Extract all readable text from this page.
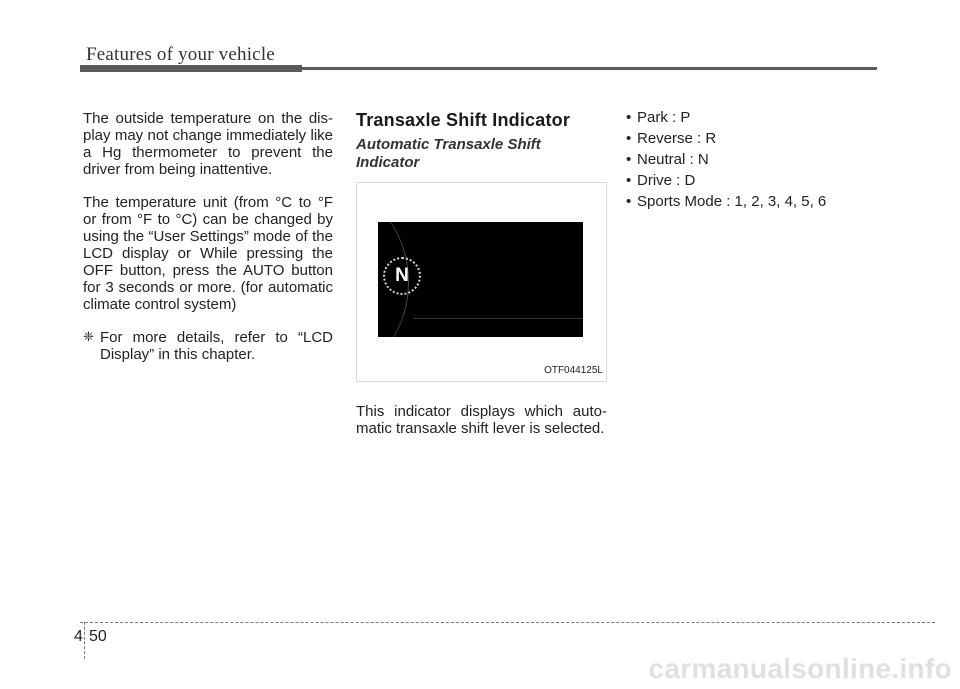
Features of your vehicle

The outside temperature on the dis-play may not change immediately like a Hg thermometer to prevent the driver from being inattentive.

The temperature unit (from °C to °F or from °F to °C) can be changed by using the “User Settings” mode of the LCD display or While pressing the OFF button, press the AUTO button for 3 seconds or more. (for automatic climate control system)

❈ For more details, refer to “LCD Display” in this chapter.
Transaxle Shift Indicator
Automatic Transaxle Shift Indicator
N
OTF044125L

This indicator displays which auto-matic transaxle shift lever is selected.

• Park : P
• Reverse : R
• Neutral : N
• Drive : D
• Sports Mode : 1, 2, 3, 4, 5, 6
4 50
carmanualsonline.info
